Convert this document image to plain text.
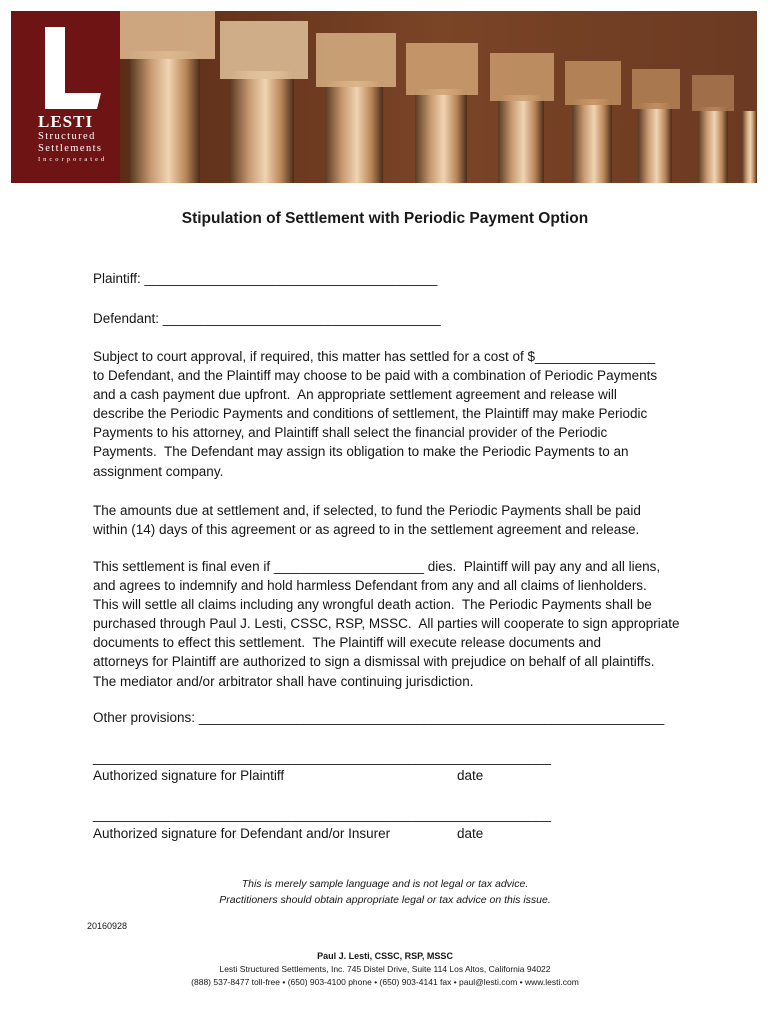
LESTI
Structured
Settlements
Incorporated
Stipulation of Settlement with Periodic Payment Option
Plaintiff: _______________________________________
Defendant: _____________________________________
Subject to court approval, if required, this matter has settled for a cost of $________________
to Defendant, and the Plaintiff may choose to be paid with a combination of Periodic Payments
and a cash payment due upfront.  An appropriate settlement agreement and release will
describe the Periodic Payments and conditions of settlement, the Plaintiff may make Periodic
Payments to his attorney, and Plaintiff shall select the financial provider of the Periodic
Payments.  The Defendant may assign its obligation to make the Periodic Payments to an
assignment company.
The amounts due at settlement and, if selected, to fund the Periodic Payments shall be paid
within (14) days of this agreement or as agreed to in the settlement agreement and release.
This settlement is final even if ____________________ dies.  Plaintiff will pay any and all liens,
and agrees to indemnify and hold harmless Defendant from any and all claims of lienholders.
This will settle all claims including any wrongful death action.  The Periodic Payments shall be
purchased through Paul J. Lesti, CSSC, RSP, MSSC.  All parties will cooperate to sign appropriate
documents to effect this settlement.  The Plaintiff will execute release documents and
attorneys for Plaintiff are authorized to sign a dismissal with prejudice on behalf of all plaintiffs.
The mediator and/or arbitrator shall have continuing jurisdiction.
Other provisions: ______________________________________________________________
_____________________________________________________________
Authorized signature for Plaintiff	date
_____________________________________________________________
Authorized signature for Defendant and/or Insurer	date
This is merely sample language and is not legal or tax advice.
Practitioners should obtain appropriate legal or tax advice on this issue.
20160928
Paul J. Lesti, CSSC, RSP, MSSC
Lesti Structured Settlements, Inc. 745 Distel Drive, Suite 114 Los Altos, California 94022
(888) 537-8477 toll-free • (650) 903-4100 phone • (650) 903-4141 fax • paul@lesti.com • www.lesti.com
